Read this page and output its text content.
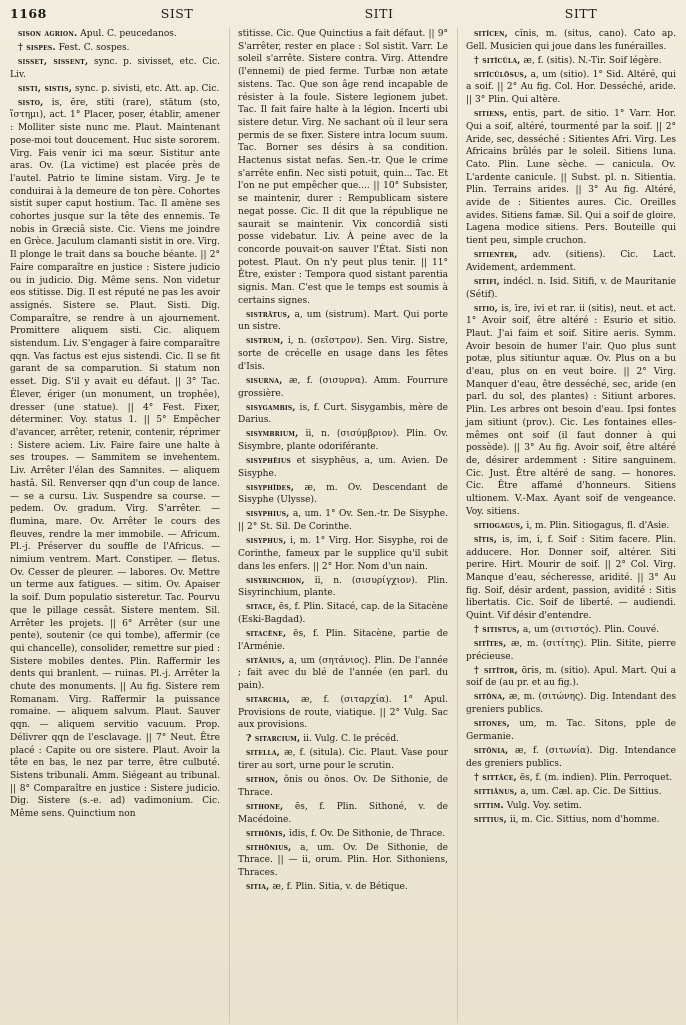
1168	SIST	SITI	SITT

sison agrion. Apul. C. peucedanos.

† sispes. Fest. C. sospes.

sisset, sissent, sync. p. sivisset, etc. Cic. Liv.

sisti, sistis, sync. p. sivisti, etc. Att. ap. Cic.

sisto, is, ĕre, stĭti (rare), stātum (sto, ἵστημι), act. 1° Placer, poser, établir, amener : Molliter siste nunc me. Plaut. Maintenant pose-moi tout doucement. Huc siste sororem. Virg. Fais venir ici ma sœur. Sistitur ante aras. Ov. (La victime) est placée près de l'autel. Patrio te limine sistam. Virg. Je te conduirai à la demeure de ton père. Cohortes sistit super caput hostium. Tac. Il amène ses cohortes jusque sur la tête des ennemis. Te nobis in Græciâ siste. Cic. Viens me joindre en Grèce. Jaculum clamanti sistit in ore. Virg. Il plonge le trait dans sa bouche béante. || 2° Faire comparaître en justice : Sistere judicio ou in judicio. Dig. Même sens. Non videtur eos stitisse. Dig. Il est réputé ne pas les avoir assignés. Sistere se. Plaut. Sisti. Dig. Comparaître, se rendre à un ajournement. Promittere aliquem sisti. Cic. aliquem sistendum. Liv. S'engager à faire comparaître qqn. Vas factus est ejus sistendi. Cic. Il se fit garant de sa comparution. Si statum non esset. Dig. S'il y avait eu défaut. || 3° Tac. Élever, ériger (un monument, un trophée), dresser (une statue). || 4° Fest. Fixer, déterminer. Voy. status 1. || 5° Empêcher d'avancer, arrêter, retenir, contenir, réprimer : Sistere aciem. Liv. Faire faire une halte à ses troupes. — Sammitem se invehentem. Liv. Arrêter l'élan des Samnites. — aliquem hastâ. Sil. Renverser qqn d'un coup de lance. — se a cursu. Liv. Suspendre sa course. — pedem. Ov. gradum. Virg. S'arrêter. — flumina, mare. Ov. Arrêter le cours des fleuves, rendre la mer immobile. — Africum. Pl.-j. Préserver du souffle de l'Africus. — nimium ventrem. Mart. Constiper. — fletus. Ov. Cesser de pleurer. — labores. Ov. Mettre un terme aux fatigues. — sitim. Ov. Apaiser la soif. Dum populatio sisteretur. Tac. Pourvu que le pillage cessât. Sistere mentem. Sil. Arrêter les projets. || 6° Arrêter (sur une pente), soutenir (ce qui tombe), affermir (ce qui chancelle), consolider, remettre sur pied : Sistere mobiles dentes. Plin. Raffermir les dents qui branlent. — ruinas. Pl.-j. Arrêter la chute des monuments. || Au fig. Sistere rem Romanam. Virg. Raffermir la puissance romaine. — aliquem salvum. Plaut. Sauver qqn. — aliquem servitio vacuum. Prop. Délivrer qqn de l'esclavage. || 7° Neut. Être placé : Capite ou ore sistere. Plaut. Avoir la tête en bas, le nez par terre, être culbuté. Sistens tribunali. Amm. Siégeant au tribunal. || 8° Comparaître en justice : Sistere judicio. Dig. Sistere (s.-e. ad) vadimonium. Cic. Même sens. Quinctium non

stitisse. Cic. Que Quinctius a fait défaut. || 9° S'arrêter, rester en place : Sol sistit. Varr. Le soleil s'arrête. Sistere contra. Virg. Attendre (l'ennemi) de pied ferme. Turbæ non ætate sistens. Tac. Que son âge rend incapable de résister à la foule. Sistere legionem jubet. Tac. Il fait faire halte à la légion. Incerti ubi sistere detur. Virg. Ne sachant où il leur sera permis de se fixer. Sistere intra locum suum. Tac. Borner ses désirs à sa condition. Hactenus sistat nefas. Sen.-tr. Que le crime s'arrête enfin. Nec sisti potuit, quin... Tac. Et l'on ne put empêcher que.... || 10° Subsister, se maintenir, durer : Rempublicam sistere negat posse. Cic. Il dit que la république ne saurait se maintenir. Vix concordiâ sisti posse videbatur. Liv. À peine avec de la concorde pouvait-on sauver l'État. Sisti non potest. Plaut. On n'y peut plus tenir. || 11° Être, exister : Tempora quod sistant parentia signis. Man. C'est que le temps est soumis à certains signes.

sistrātus, a, um (sistrum). Mart. Qui porte un sistre.

sistrum, i, n. (σεῖστρον). Sen. Virg. Sistre, sorte de crécelle en usage dans les fêtes d'Isis.

sisurna, æ, f. (σισυρνα). Amm. Fourrure grossière.

sisygambis, is, f. Curt. Sisygambis, mère de Darius.

sisymbrium, ĭi, n. (σισύμβριον). Plin. Ov. Sisymbre, plante odoriférante.

sisyphēius et sisyphēus, a, um. Avien. De Sisyphe.

sisyphĭdes, æ, m. Ov. Descendant de Sisyphe (Ulysse).

sisyphius, a, um. 1° Ov. Sen.-tr. De Sisyphe. || 2° St. Sil. De Corinthe.

sisyphus, i, m. 1° Virg. Hor. Sisyphe, roi de Corinthe, fameux par le supplice qu'il subit dans les enfers. || 2° Hor. Nom d'un nain.

sisyrinchion, ĭi, n. (σισυρίγχιον). Plin. Sisyrinchium, plante.

sitace, ēs, f. Plin. Sitacé, cap. de la Sitacène (Eski-Bagdad).

sitacēne, ēs, f. Plin. Sitacène, partie de l'Arménie.

sitānius, a, um (σητάνιος). Plin. De l'année ; fait avec du blé de l'année (en parl. du pain).

sitarchia, æ, f. (σιταρχία). 1° Apul. Provisions de route, viatique. || 2° Vulg. Sac aux provisions.

? sitarcium, ii. Vulg. C. le précéd.

sitella, æ, f. (situla). Cic. Plaut. Vase pour tirer au sort, urne pour le scrutin.

sithon, ŏnis ou ŏnos. Ov. De Sithonie, de Thrace.

sithone, ēs, f. Plin. Sithoné, v. de Macédoine.

sithōnis, ĭdis, f. Ov. De Sithonie, de Thrace.

sithōnius, a, um. Ov. De Sithonie, de Thrace. || — ii, orum. Plin. Hor. Sithoniens, Thraces.

sitia, æ, f. Plin. Sitia, v. de Bétique.

sitĭcen, cĭnis, m. (situs, cano). Cato ap. Gell. Musicien qui joue dans les funérailles.

† sitĭcŭla, æ, f. (sitis). N.-Tir. Soif légère.

sitĭcŭlōsus, a, um (sitio). 1° Sid. Altéré, qui a soif. || 2° Au fig. Col. Hor. Desséché, aride. || 3° Plin. Qui altère.

sitiens, entis, part. de sitio. 1° Varr. Hor. Qui a soif, altéré, tourmenté par la soif. || 2° Aride, sec, desséché : Sitientes Afri. Virg. Les Africains brûlés par le soleil. Sitiens luna. Cato. Plin. Lune sèche. — canicula. Ov. L'ardente canicule. || Subst. pl. n. Sitientia. Plin. Terrains arides. || 3° Au fig. Altéré, avide de : Sitientes aures. Cic. Oreilles avides. Sitiens famæ. Sil. Qui a soif de gloire. Lagena modice sitiens. Pers. Bouteille qui tient peu, simple cruchon.

sitienter, adv. (sitiens). Cic. Lact. Avidement, ardemment.

sitifi, indécl. n. Isid. Sitifi, v. de Mauritanie (Sétif).

sitio, is, īre, ivi et rar. ii (sitis), neut. et act. 1° Avoir soif, être altéré : Esurio et sitio. Plaut. J'ai faim et soif. Sitire aeris. Symm. Avoir besoin de humer l'air. Quo plus sunt potæ, plus sitiuntur aquæ. Ov. Plus on a bu d'eau, plus on en veut boire. || 2° Virg. Manquer d'eau, être desséché, sec, aride (en parl. du sol, des plantes) : Sitiunt arbores. Plin. Les arbres ont besoin d'eau. Ipsi fontes jam sitiunt (prov.). Cic. Les fontaines elles-mêmes ont soif (il faut donner à qui possède). || 3° Au fig. Avoir soif, être altéré de, désirer ardemment : Sitire sanguinem. Cic. Just. Être altéré de sang. — honores. Cic. Être affamé d'honneurs. Sitiens ultionem. V.-Max. Ayant soif de vengeance. Voy. sitiens.

sitiogagus, i, m. Plin. Sitiogagus, fl. d'Asie.

sĭtis, is, im, i, f. Soif : Sitim facere. Plin. adducere. Hor. Donner soif, altérer. Siti perire. Hirt. Mourir de soif. || 2° Col. Virg. Manque d'eau, sécheresse, aridité. || 3° Au fig. Soif, désir ardent, passion, avidité : Sitis libertatis. Cic. Soif de liberté. — audiendi. Quint. Vif désir d'entendre.

† sitistus, a, um (σιτιστός). Plin. Couvé.

sitītes, æ, m. (σιτίτης). Plin. Sitite, pierre précieuse.

† sitītor, ōris, m. (sitio). Apul. Mart. Qui a soif de (au pr. et au fig.).

sitōna, æ, m. (σιτώνης). Dig. Intendant des greniers publics.

sitones, um, m. Tac. Sitons, pple de Germanie.

sitōnia, æ, f. (σιτωνία). Dig. Intendance des greniers publics.

† sittăce, ēs, f. (m. indien). Plin. Perroquet.

sittiānus, a, um. Cæl. ap. Cic. De Sittius.

sittim. Vulg. Voy. setim.

sittius, ii, m. Cic. Sittius, nom d'homme.
